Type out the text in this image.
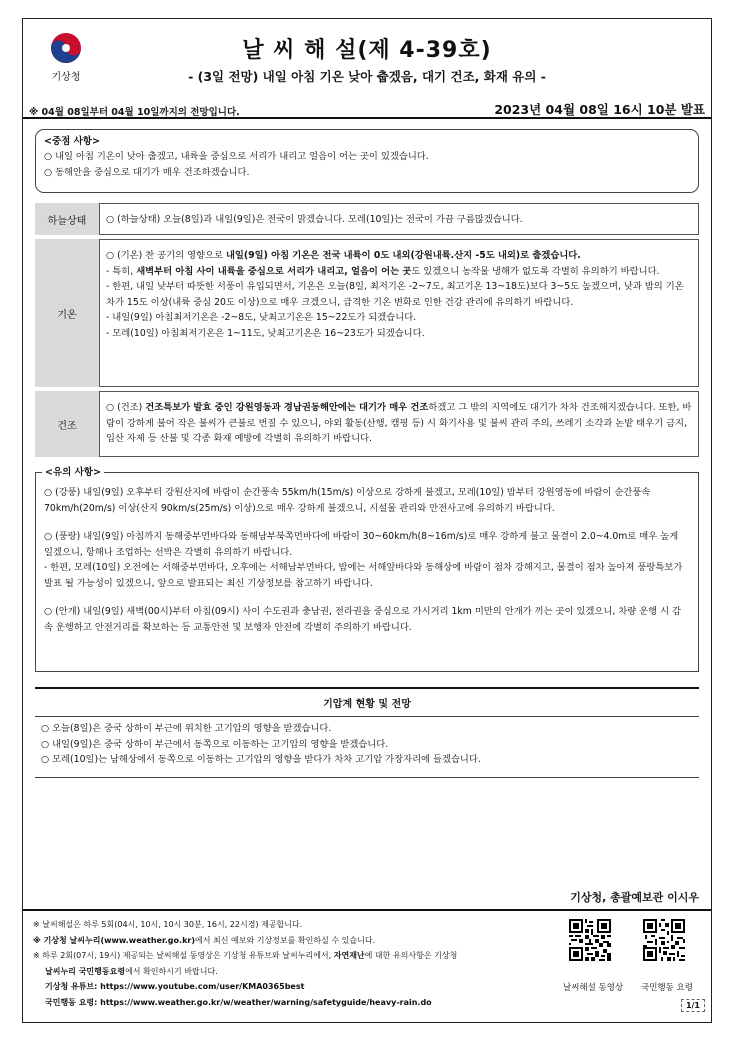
기상청
날 씨 해 설(제 4-39호)
- (3일 전망) 내일 아침 기온 낮아 춥겠음, 대기 건조, 화재 유의 -
※ 04월 08일부터 04월 10일까지의 전망입니다.	2023년 04월 08일 16시 10분 발표
<중점 사항>
○ 내일 아침 기온이 낮아 춥겠고, 내륙을 중심으로 서리가 내리고 얼음이 어는 곳이 있겠습니다.
○ 동해안을 중심으로 대기가 매우 건조하겠습니다.
하늘상태	○ (하늘상태) 오늘(8일)과 내일(9일)은 전국이 맑겠습니다. 모레(10일)는 전국이 가끔 구름많겠습니다.
기온
○ (기온) 찬 공기의 영향으로 내일(9일) 아침 기온은 전국 내륙이 0도 내외(강원내륙.산지 -5도 내외)로 춥겠습니다.
- 특히, 새벽부터 아침 사이 내륙을 중심으로 서리가 내리고, 얼음이 어는 곳도 있겠으니 농작물 냉해가 없도록 각별히 유의하기 바랍니다.
- 한편, 내일 낮부터 따뜻한 서풍이 유입되면서, 기온은 오늘(8일, 최저기온 -2~7도, 최고기온 13~18도)보다 3~5도 높겠으며, 낮과 밤의 기온차가 15도 이상(내륙 중심 20도 이상)으로 매우 크겠으니, 급격한 기온 변화로 인한 건강 관리에 유의하기 바랍니다.
- 내일(9일) 아침최저기온은 -2~8도, 낮최고기온은 15~22도가 되겠습니다.
- 모레(10일) 아침최저기온은 1~11도, 낮최고기온은 16~23도가 되겠습니다.
건조
○ (건조) 건조특보가 발효 중인 강원영동과 경남권동해안에는 대기가 매우 건조하겠고 그 밖의 지역에도 대기가 차차 건조해지겠습니다. 또한, 바람이 강하게 불어 작은 불씨가 큰불로 번질 수 있으니, 야외 활동(산행, 캠핑 등) 시 화기사용 및 불씨 관리 주의, 쓰레기 소각과 논밭 태우기 금지, 입산 자제 등 산불 및 각종 화재 예방에 각별히 유의하기 바랍니다.
<유의 사항>
○ (강풍) 내일(9일) 오후부터 강원산지에 바람이 순간풍속 55km/h(15m/s) 이상으로 강하게 불겠고, 모레(10일) 밤부터 강원영동에 바람이 순간풍속 70km/h(20m/s) 이상(산지 90km/s(25m/s) 이상)으로 매우 강하게 불겠으니, 시설물 관리와 안전사고에 유의하기 바랍니다.
○ (풍랑) 내일(9일) 아침까지 동해중부먼바다와 동해남부북쪽먼바다에 바람이 30~60km/h(8~16m/s)로 매우 강하게 불고 물결이 2.0~4.0m로 매우 높게 일겠으니, 항해나 조업하는 선박은 각별히 유의하기 바랍니다.
- 한편, 모레(10일) 오전에는 서해중부먼바다, 오후에는 서해남부먼바다, 밤에는 서해앞바다와 동해상에 바람이 점차 강해지고, 물결이 점차 높아져 풍랑특보가 발표 될 가능성이 있겠으니, 앞으로 발표되는 최신 기상정보를 참고하기 바랍니다.
○ (안개) 내일(9일) 새벽(00시)부터 아침(09시) 사이 수도권과 충남권, 전라권을 중심으로 가시거리 1km 미만의 안개가 끼는 곳이 있겠으니, 차량 운행 시 감속 운행하고 안전거리를 확보하는 등 교통안전 및 보행자 안전에 각별히 주의하기 바랍니다.
기압계 현황 및 전망
○ 오늘(8일)은 중국 상하이 부근에 위치한 고기압의 영향을 받겠습니다.
○ 내일(9일)은 중국 상하이 부근에서 동쪽으로 이동하는 고기압의 영향을 받겠습니다.
○ 모레(10일)는 남해상에서 동쪽으로 이동하는 고기압의 영향을 받다가 차차 고기압 가장자리에 들겠습니다.
기상청, 총괄예보관 이시우
※ 날씨해설은 하루 5회(04시, 10시, 10시 30분, 16시, 22시경) 제공합니다.
※ 기상청 날씨누리(www.weather.go.kr)에서 최신 예보와 기상정보를 확인하실 수 있습니다.
※ 하루 2회(07시, 19시) 제공되는 날씨해설 동영상은 기상청 유튜브와 날씨누리에서, 자연재난에 대한 유의사항은 기상청
날씨누리 국민행동요령에서 확인하시기 바랍니다.
기상청 유튜브: https://www.youtube.com/user/KMA0365best
국민행동 요령: https://www.weather.go.kr/w/weather/warning/safetyguide/heavy-rain.do
날씨해설 동영상 국민행동 요령
1/1
